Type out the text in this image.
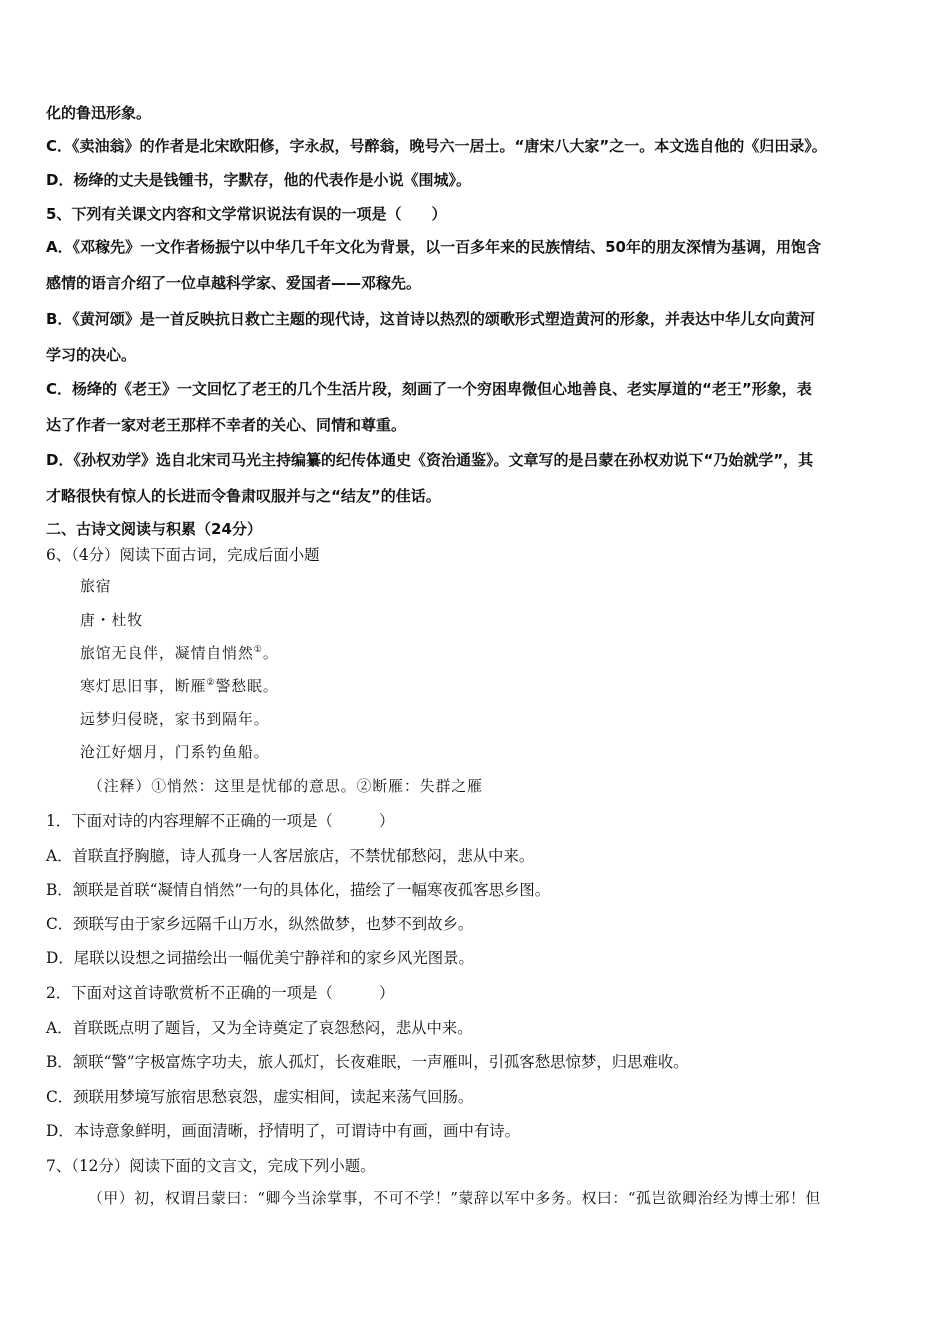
化的鲁迅形象。
C．《卖油翁》的作者是北宋欧阳修，字永叔，号醉翁，晚号六一居士。“唐宋八大家”之一。本文选自他的《归田录》。
D．杨绛的丈夫是钱锺书，字默存，他的代表作是小说《围城》。
5、下列有关课文内容和文学常识说法有误的一项是（　　）
A．《邓稼先》一文作者杨振宁以中华几千年文化为背景，以一百多年来的民族情结、50年的朋友深情为基调，用饱含
感情的语言介绍了一位卓越科学家、爱国者——邓稼先。
B．《黄河颂》是一首反映抗日救亡主题的现代诗，这首诗以热烈的颂歌形式塑造黄河的形象，并表达中华儿女向黄河
学习的决心。
C．杨绛的《老王》一文回忆了老王的几个生活片段，刻画了一个穷困卑微但心地善良、老实厚道的“老王”形象，表
达了作者一家对老王那样不幸者的关心、同情和尊重。
D．《孙权劝学》选自北宋司马光主持编纂的纪传体通史《资治通鉴》。文章写的是吕蒙在孙权劝说下“乃始就学”，其
才略很快有惊人的长进而令鲁肃叹服并与之“结友”的佳话。
二、古诗文阅读与积累（24分）
6、（4分）阅读下面古词，完成后面小题
旅宿
唐・杜牧
旅馆无良伴，凝情自悄然①。
寒灯思旧事，断雁②警愁眠。
远梦归侵晓，家书到隔年。
沧江好烟月，门系钓鱼船。
（注释）①悄然：这里是忧郁的意思。②断雁：失群之雁
1．下面对诗的内容理解不正确的一项是（　　　）
A．首联直抒胸臆，诗人孤身一人客居旅店，不禁忧郁愁闷，悲从中来。
B．颔联是首联“凝情自悄然”一句的具体化，描绘了一幅寒夜孤客思乡图。
C．颈联写由于家乡远隔千山万水，纵然做梦，也梦不到故乡。
D．尾联以设想之词描绘出一幅优美宁静祥和的家乡风光图景。
2．下面对这首诗歌赏析不正确的一项是（　　　）
A．首联既点明了题旨，又为全诗奠定了哀怨愁闷，悲从中来。
B．颔联“警”字极富炼字功夫，旅人孤灯，长夜难眠，一声雁叫，引孤客愁思惊梦，归思难收。
C．颈联用梦境写旅宿思愁哀怨，虚实相间，读起来荡气回肠。
D．本诗意象鲜明，画面清晰，抒情明了，可谓诗中有画，画中有诗。
7、（12分）阅读下面的文言文，完成下列小题。
（甲）初，权谓吕蒙曰：“卿今当涂掌事，不可不学！”蒙辞以军中多务。权曰：“孤岂欲卿治经为博士邪！但
